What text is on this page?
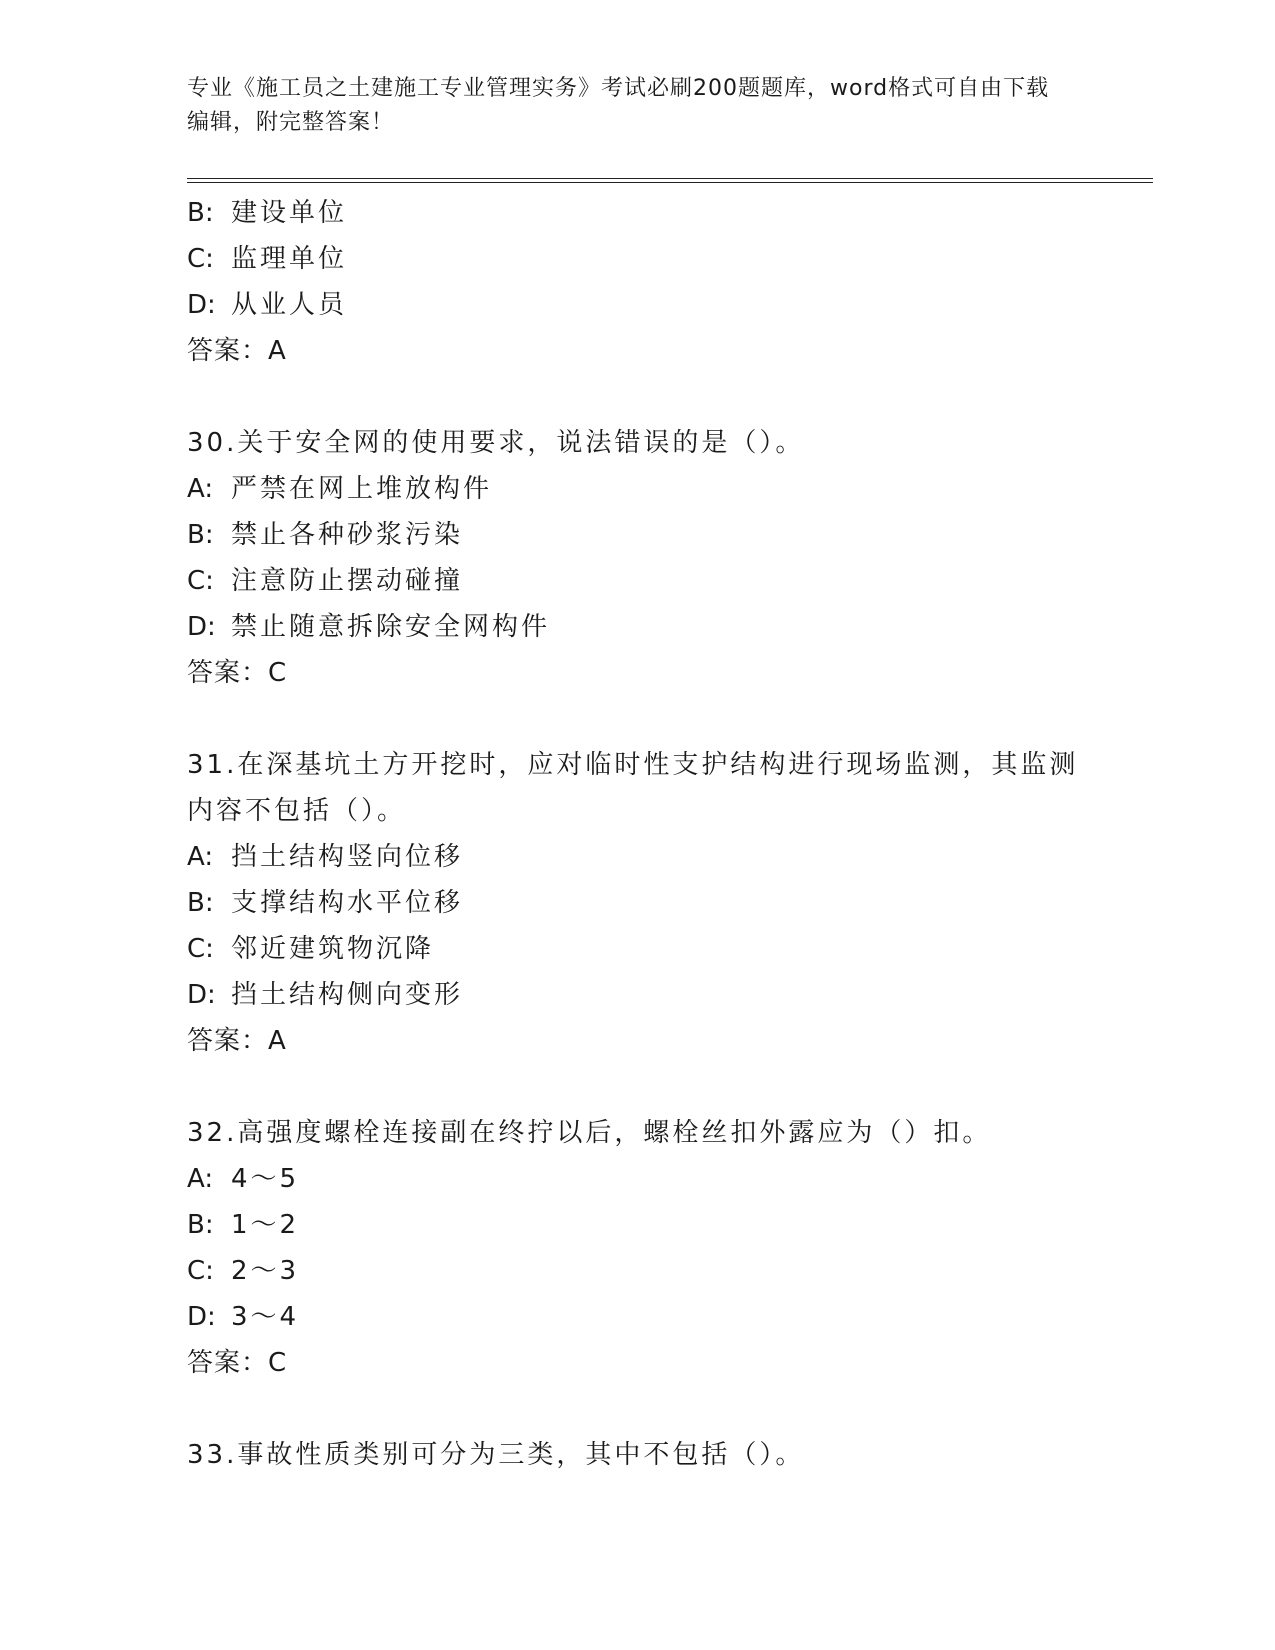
专业《施工员之土建施工专业管理实务》考试必刷200题题库，word格式可自由下载编辑，附完整答案！
B: 建设单位
C: 监理单位
D: 从业人员
答案：A
30.关于安全网的使用要求，说法错误的是（）。
A: 严禁在网上堆放构件
B: 禁止各种砂浆污染
C: 注意防止摆动碰撞
D: 禁止随意拆除安全网构件
答案：C
31.在深基坑土方开挖时，应对临时性支护结构进行现场监测，其监测内容不包括（）。
A: 挡土结构竖向位移
B: 支撑结构水平位移
C: 邻近建筑物沉降
D: 挡土结构侧向变形
答案：A
32.高强度螺栓连接副在终拧以后，螺栓丝扣外露应为（）扣。
A: 4～5
B: 1～2
C: 2～3
D: 3～4
答案：C
33.事故性质类别可分为三类，其中不包括（）。
